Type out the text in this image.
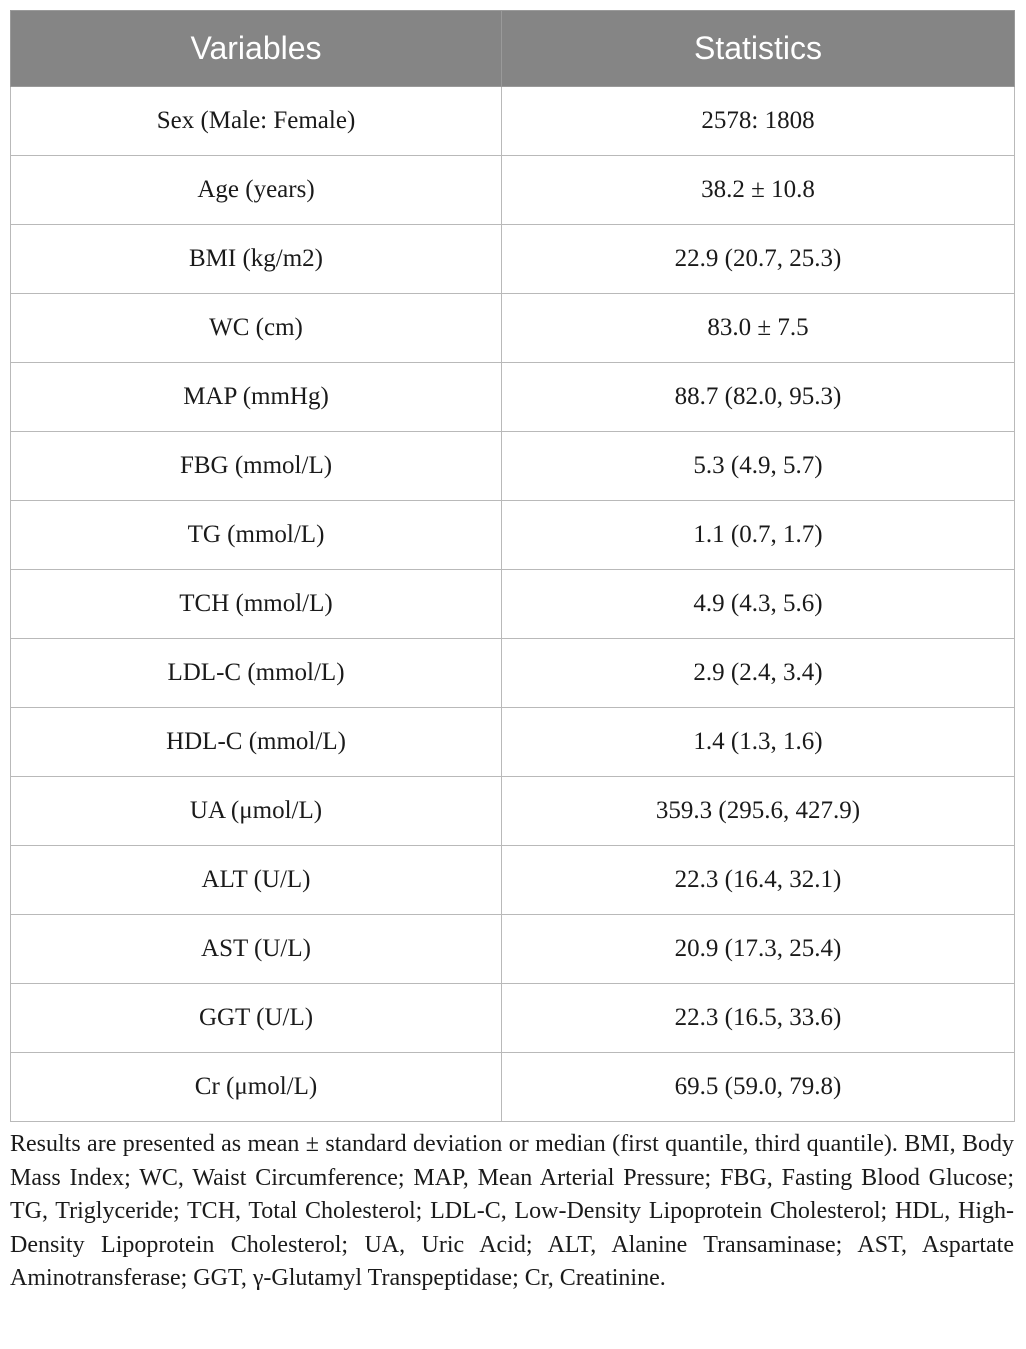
Variables	Statistics
Sex (Male: Female)	2578: 1808
Age (years)	38.2 ± 10.8
BMI (kg/m2)	22.9 (20.7, 25.3)
WC (cm)	83.0 ± 7.5
MAP (mmHg)	88.7 (82.0, 95.3)
FBG (mmol/L)	5.3 (4.9, 5.7)
TG (mmol/L)	1.1 (0.7, 1.7)
TCH (mmol/L)	4.9 (4.3, 5.6)
LDL-C (mmol/L)	2.9 (2.4, 3.4)
HDL-C (mmol/L)	1.4 (1.3, 1.6)
UA (μmol/L)	359.3 (295.6, 427.9)
ALT (U/L)	22.3 (16.4, 32.1)
AST (U/L)	20.9 (17.3, 25.4)
GGT (U/L)	22.3 (16.5, 33.6)
Cr (μmol/L)	69.5 (59.0, 79.8)

Results are presented as mean ± standard deviation or median (first quantile, third quantile). BMI, Body Mass Index; WC, Waist Circumference; MAP, Mean Arterial Pressure; FBG, Fasting Blood Glucose; TG, Triglyceride; TCH, Total Cholesterol; LDL-C, Low-Density Lipoprotein Cholesterol; HDL, High-Density Lipoprotein Cholesterol; UA, Uric Acid; ALT, Alanine Transaminase; AST, Aspartate Aminotransferase; GGT, γ-Glutamyl Transpeptidase; Cr, Creatinine.
